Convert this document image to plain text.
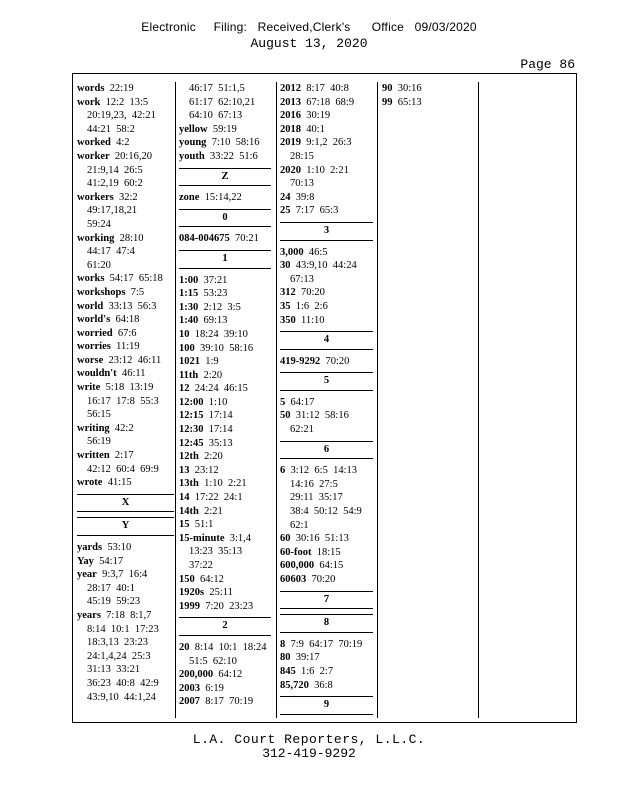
Electronic     Filing:   Received,Clerk's      Office   09/03/2020
August 13, 2020
Page 86
words 22:19
work 12:2  13:5
20:19,23,  42:21
44:21  58:2
worked 4:2
worker 20:16,20
21:9,14  26:5
41:2,19  60:2
workers 32:2
49:17,18,21
59:24
working 28:10
44:17  47:4
61:20
works 54:17  65:18
workshops 7:5
world 33:13  56:3
world's 64:18
worried 67:6
worries 11:19
worse 23:12  46:11
wouldn't 46:11
write 5:18  13:19
16:17  17:8  55:3
56:15
writing 42:2
56:19
written 2:17
42:12  60:4  69:9
wrote 41:15
X
Y
yards 53:10
Yay 54:17
year 9:3,7  16:4
28:17  40:1
45:19  59:23
years 7:18  8:1,7
8:14  10:1  17:23
18:3,13  23:23
24:1,4,24  25:3
31:13  33:21
36:23  40:8  42:9
43:9,10  44:1,24
46:17  51:1,5
61:17  62:10,21
64:10  67:13
yellow 59:19
young 7:10  58:16
youth 33:22  51:6
Z
zone 15:14,22
0
084-004675 70:21
1
1:00 37:21
1:15 53:23
1:30 2:12  3:5
1:40 69:13
10 18:24  39:10
100 39:10  58:16
1021 1:9
11th 2:20
12 24:24  46:15
12:00 1:10
12:15 17:14
12:30 17:14
12:45 35:13
12th 2:20
13 23:12
13th 1:10  2:21
14 17:22  24:1
14th 2:21
15 51:1
15-minute 3:1,4
13:23  35:13
37:22
150 64:12
1920s 25:11
1999 7:20  23:23
2
20 8:14  10:1  18:24
51:5  62:10
200,000 64:12
2003 6:19
2007 8:17  70:19
2012 8:17  40:8
2013 67:18  68:9
2016 30:19
2018 40:1
2019 9:1,2  26:3
28:15
2020 1:10  2:21
70:13
24 39:8
25 7:17  65:3
3
3,000 46:5
30 43:9,10  44:24
67:13
312 70:20
35 1:6  2:6
350 11:10
4
419-9292 70:20
5
5 64:17
50 31:12  58:16
62:21
6
6 3:12  6:5  14:13
14:16  27:5
29:11  35:17
38:4  50:12  54:9
62:1
60 30:16  51:13
60-foot 18:15
600,000 64:15
60603 70:20
7
8
8 7:9  64:17  70:19
80 39:17
845 1:6  2:7
85,720 36:8
9
90 30:16
99 65:13
L.A. Court Reporters, L.L.C.
312-419-9292
